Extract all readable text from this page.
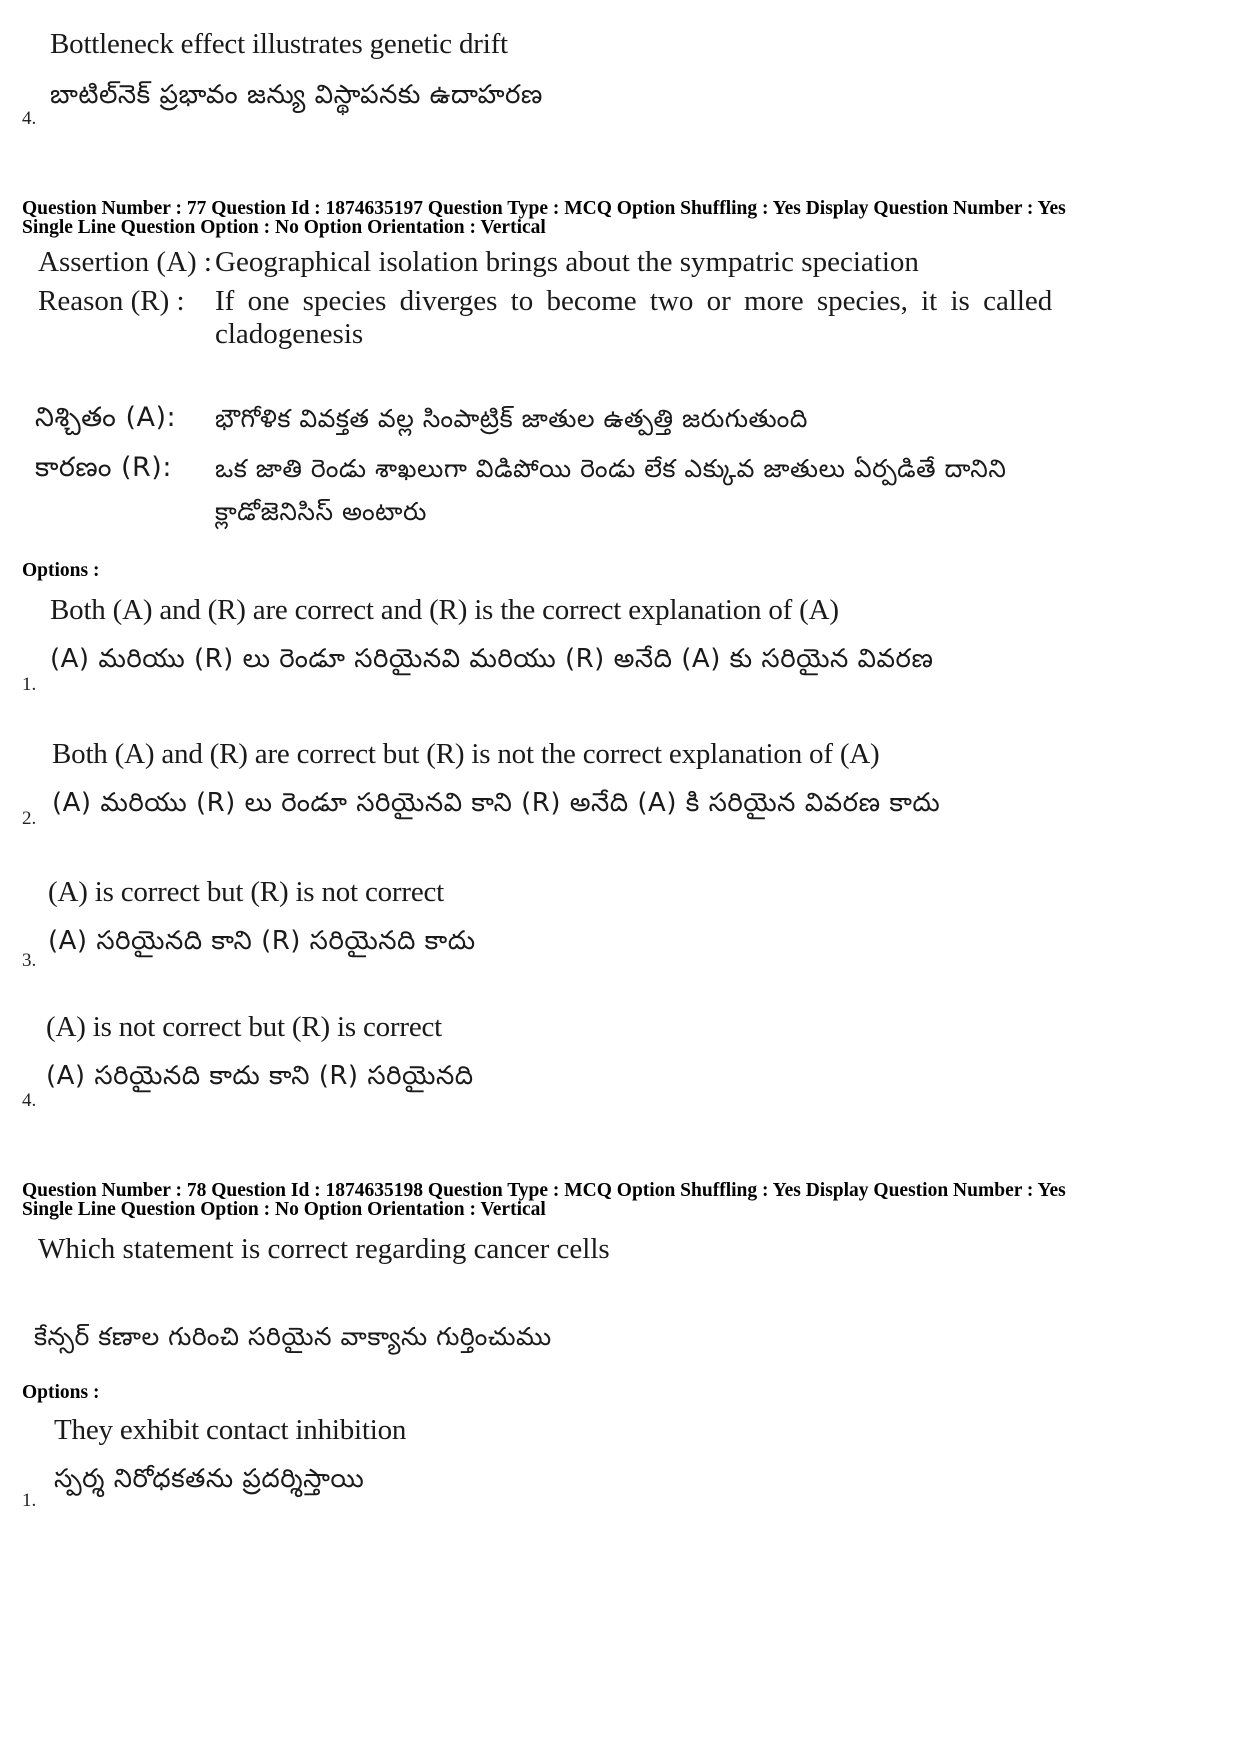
Bottleneck effect illustrates genetic drift
బాటిల్‌నెక్ ప్రభావం జన్యు విస్థాపనకు ఉదాహరణ
4.
Question Number : 77 Question Id : 1874635197 Question Type : MCQ Option Shuffling : Yes Display Question Number : Yes
Single Line Question Option : No Option Orientation : Vertical
Assertion (A) : Geographical isolation brings about the sympatric speciation
Reason (R) : If one species diverges to become two or more species, it is called
cladogenesis
నిశ్చితం (A): భౌగోళిక వివక్తత వల్ల సింపాట్రిక్ జాతుల ఉత్పత్తి జరుగుతుంది
కారణం (R): ఒక జాతి రెండు శాఖలుగా విడిపోయి రెండు లేక ఎక్కువ జాతులు ఏర్పడితే దానిని
క్లాడోజెనిసిస్ అంటారు
Options :
Both (A) and (R) are correct and (R) is the correct explanation of (A)
(A) మరియు (R) లు రెండూ సరియైనవి మరియు (R) అనేది (A) కు సరియైన వివరణ
1.
Both (A) and (R) are correct but (R) is not the correct explanation of (A)
(A) మరియు (R) లు రెండూ సరియైనవి కాని (R) అనేది (A) కి సరియైన వివరణ కాదు
2.
(A) is correct but (R) is not correct
(A) సరియైనది కాని (R) సరియైనది కాదు
3.
(A) is not correct but (R) is correct
(A) సరియైనది కాదు కాని (R) సరియైనది
4.
Question Number : 78 Question Id : 1874635198 Question Type : MCQ Option Shuffling : Yes Display Question Number : Yes
Single Line Question Option : No Option Orientation : Vertical
Which statement is correct regarding cancer cells
కేన్సర్ కణాల గురించి సరియైన వాక్యాను గుర్తించుము
Options :
They exhibit contact inhibition
స్పర్శ నిరోధకతను ప్రదర్శిస్తాయి
1.
